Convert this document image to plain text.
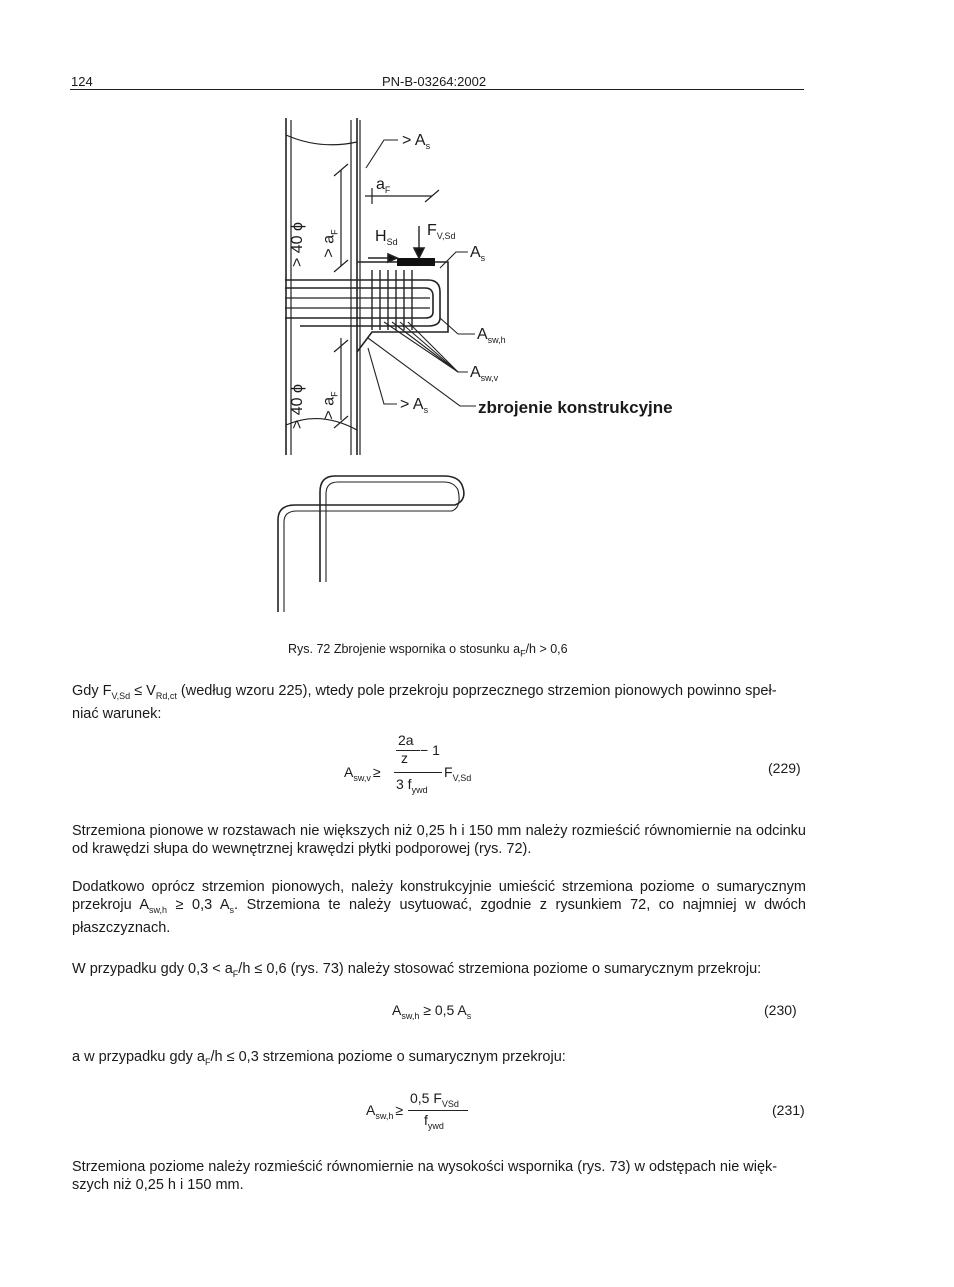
124	PN-B-03264:2002
> $A_s$
$a_F$
$F_{V,Sd}$
$H_{Sd}$
$A_s$
$A_{sw,h}$
$A_{sw,v}$
> $A_s$	zbrojenie konstrukcyjne
> 40 $\phi > a_F$
> 40 $\phi > a_F$
Rys. 72 Zbrojenie wspornika o stosunku $a_F/h > 0,6$
Gdy $F_{V,Sd} \le V_{Rd,ct}$ (według wzoru 225), wtedy pole przekroju poprzecznego strzemion pionowych powinno speł-
niać warunek:
2a
z − 1
$A_{sw,v}$ ≥	$F_{V,Sd}$
3 $f_{ywd}$
(229)
Strzemiona pionowe w rozstawach nie większych niż 0,25 h i 150 mm należy rozmieścić równomiernie na odcinku od krawędzi słupa do wewnętrznej krawędzi płytki podporowej (rys. 72).
Dodatkowo oprócz strzemion pionowych, należy konstrukcyjnie umieścić strzemiona poziome o sumarycznym przekroju $A_{sw,h} \ge 0,3$ $A_s$. Strzemiona te należy usytuować, zgodnie z rysunkiem 72, co najmniej w dwóch płaszczyznach.
W przypadku gdy $0,3 < a_F/h \le 0,6$ (rys. 73) należy stosować strzemiona poziome o sumarycznym przekroju:
$A_{sw,h} \ge 0,5$ $A_s$	(230)
a w przypadku gdy $a_F/h \le 0,3$ strzemiona poziome o sumarycznym przekroju:
$A_{sw,h}$ ≥
0,5 $F_{VSd}$
$f_{ywd}$
(231)
Strzemiona poziome należy rozmieścić równomiernie na wysokości wspornika (rys. 73) w odstępach nie więk-
szych niż 0,25 h i 150 mm.
